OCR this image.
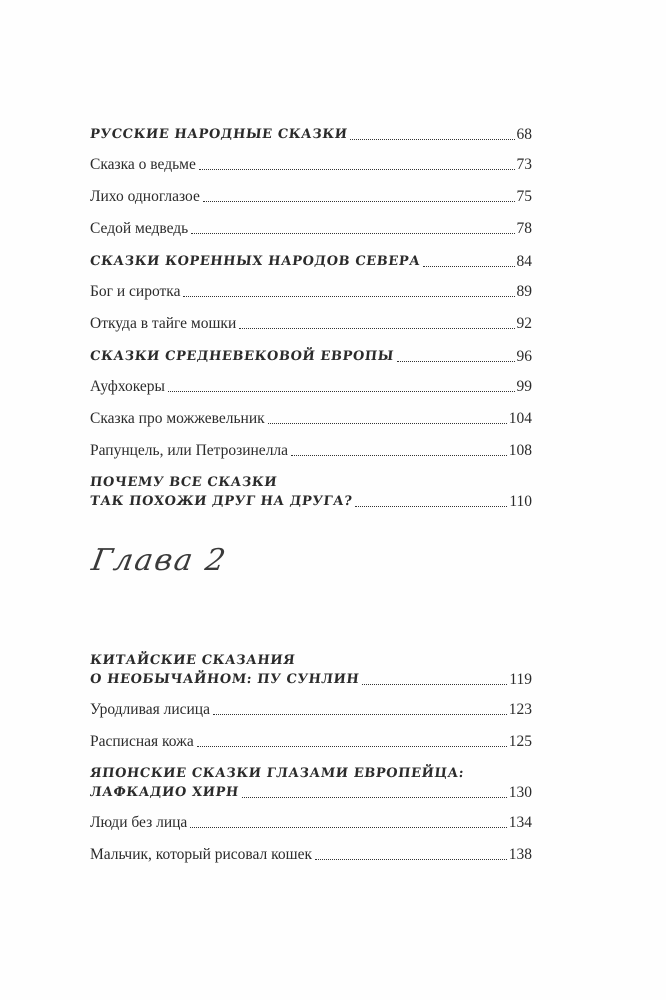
РУССКИЕ НАРОДНЫЕ СКАЗКИ	68
Сказка о ведьме	73
Лихо одноглазое	75
Седой медведь	78
СКАЗКИ КОРЕННЫХ НАРОДОВ СЕВЕРА	84
Бог и сиротка	89
Откуда в тайге мошки	92
СКАЗКИ СРЕДНЕВЕКОВОЙ ЕВРОПЫ	96
Ауфхокеры	99
Сказка про можжевельник	104
Рапунцель, или Петрозинелла	108
ПОЧЕМУ ВСЕ СКАЗКИ
ТАК ПОХОЖИ ДРУГ НА ДРУГА?	110
Глава 2
КИТАЙСКИЕ СКАЗАНИЯ
О НЕОБЫЧАЙНОМ: ПУ СУНЛИН	119
Уродливая лисица	123
Расписная кожа	125
ЯПОНСКИЕ СКАЗКИ ГЛАЗАМИ ЕВРОПЕЙЦА:
ЛАФКАДИО ХИРН	130
Люди без лица	134
Мальчик, который рисовал кошек	138
